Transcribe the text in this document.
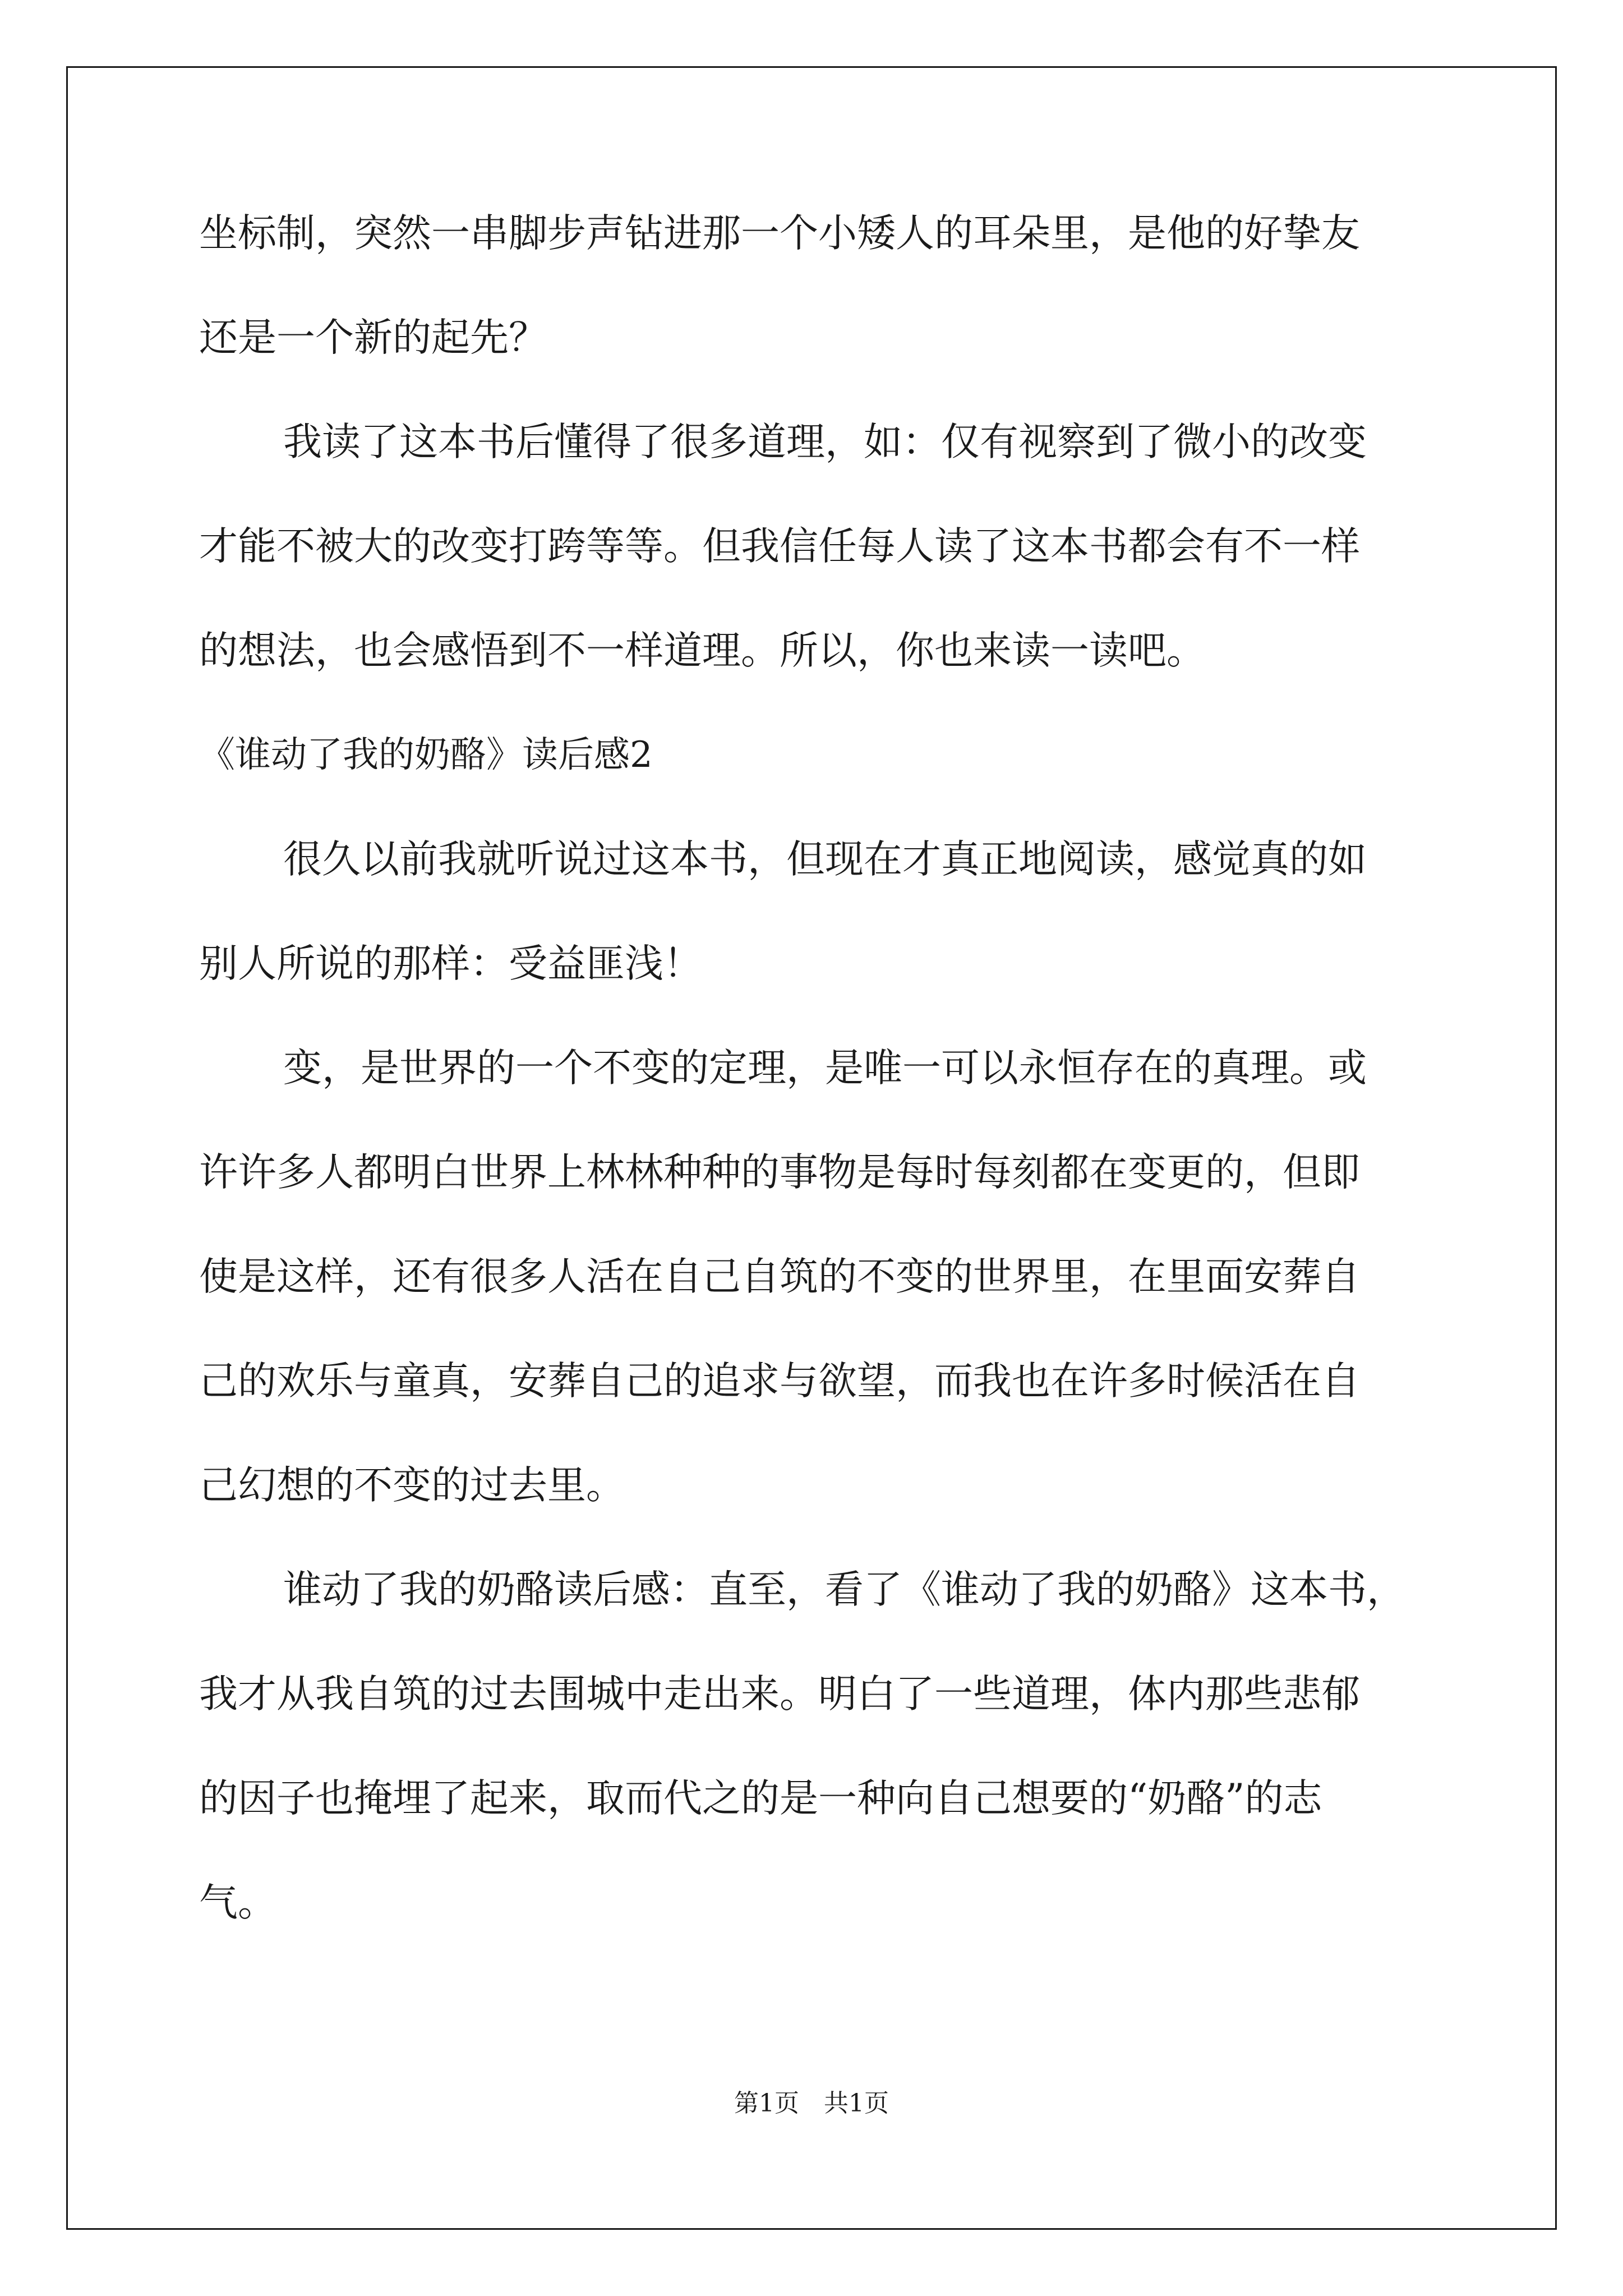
坐标制，突然一串脚步声钻进那一个小矮人的耳朵里，是他的好挚友

还是一个新的起先？

我读了这本书后懂得了很多道理，如：仅有视察到了微小的改变

才能不被大的改变打跨等等。但我信任每人读了这本书都会有不一样

的想法，也会感悟到不一样道理。所以，你也来读一读吧。

《谁动了我的奶酪》读后感2

很久以前我就听说过这本书，但现在才真正地阅读，感觉真的如

别人所说的那样：受益匪浅！

变，是世界的一个不变的定理，是唯一可以永恒存在的真理。或

许许多人都明白世界上林林种种的事物是每时每刻都在变更的，但即

使是这样，还有很多人活在自己自筑的不变的世界里，在里面安葬自

己的欢乐与童真，安葬自己的追求与欲望，而我也在许多时候活在自

己幻想的不变的过去里。

谁动了我的奶酪读后感：直至，看了《谁动了我的奶酪》这本书，

我才从我自筑的过去围城中走出来。明白了一些道理，体内那些悲郁

的因子也掩埋了起来，取而代之的是一种向自己想要的“奶酪”的志

气。

第1页　共1页
